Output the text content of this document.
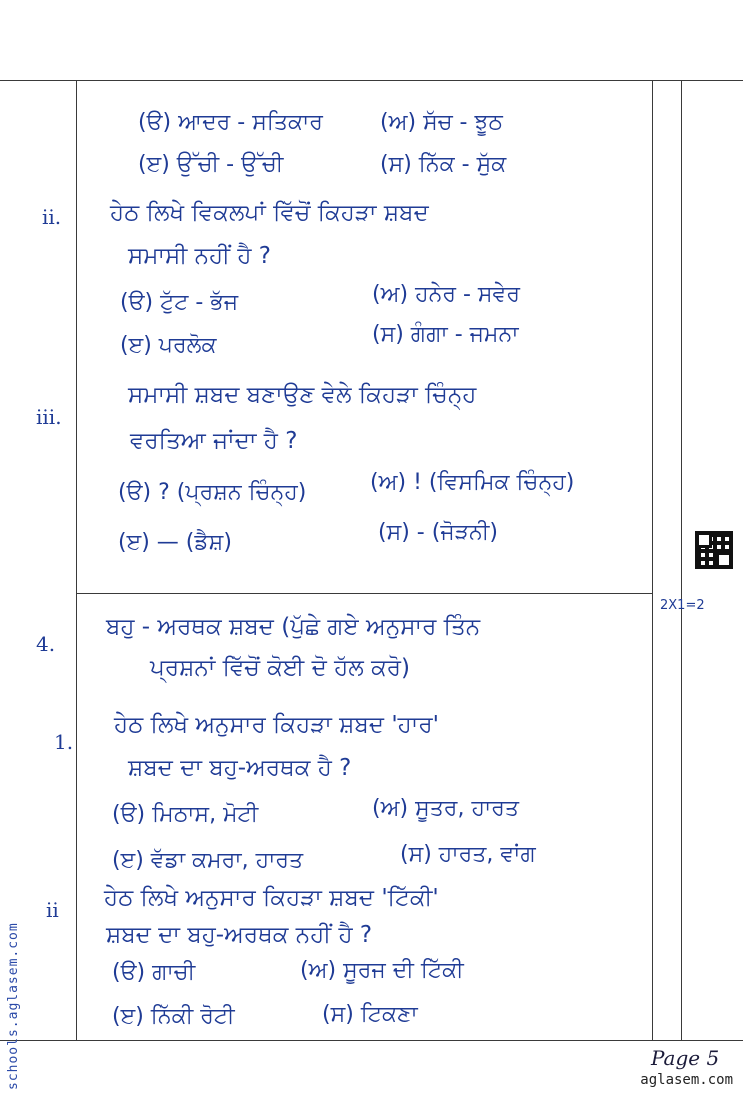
(ੳ) ਆਦਰ - ਸਤਿਕਾਰ	(ਅ) ਸੱਚ - ਝੂਠ
(ੲ) ਉੱਚੀ - ਉੱਚੀ	(ਸ) ਨਿੱਕ - ਸੁੱਕ
ii. ਹੇਠ ਲਿਖੇ ਵਿਕਲਪਾਂ ਵਿੱਚੋਂ ਕਿਹੜਾ ਸ਼ਬਦ
ਸਮਾਸੀ ਨਹੀਂ ਹੈ ?
(ੳ) ਟੁੱਟ - ਭੱਜ	(ਅ) ਹਨੇਰ - ਸਵੇਰ
(ੲ) ਪਰਲੋਕ	(ਸ) ਗੰਗਾ - ਜਮਨਾ
iii.
ਸਮਾਸੀ ਸ਼ਬਦ ਬਣਾਉਣ ਵੇਲੇ ਕਿਹੜਾ ਚਿੰਨ੍ਹ
ਵਰਤਿਆ ਜਾਂਦਾ ਹੈ ?
(ੳ) ? (ਪ੍ਰਸ਼ਨ ਚਿੰਨ੍ਹ)	(ਅ) ! (ਵਿਸਮਿਕ ਚਿੰਨ੍ਹ)
(ੲ) — (ਡੈਸ਼)	(ਸ) - (ਜੋੜਨੀ)
2X1=2
4.
ਬਹੁ - ਅਰਥਕ ਸ਼ਬਦ (ਪੁੱਛੇ ਗਏ ਅਨੁਸਾਰ ਤਿੰਨ
ਪ੍ਰਸ਼ਨਾਂ ਵਿੱਚੋਂ ਕੋਈ ਦੋ ਹੱਲ ਕਰੋ)
1.
ਹੇਠ ਲਿਖੇ ਅਨੁਸਾਰ ਕਿਹੜਾ ਸ਼ਬਦ 'ਹਾਰ'
ਸ਼ਬਦ ਦਾ ਬਹੁ-ਅਰਥਕ ਹੈ ?
(ੳ) ਮਿਠਾਸ, ਮੋਟੀ	(ਅ) ਸੂਤਰ, ਹਾਰਤ
(ੲ) ਵੱਡਾ ਕਮਰਾ, ਹਾਰਤ	(ਸ) ਹਾਰਤ, ਵਾਂਗ
ii ਹੇਠ ਲਿਖੇ ਅਨੁਸਾਰ ਕਿਹੜਾ ਸ਼ਬਦ 'ਟਿੱਕੀ'
ਸ਼ਬਦ ਦਾ ਬਹੁ-ਅਰਥਕ ਨਹੀਂ ਹੈ ?
(ੳ) ਗਾਚੀ	(ਅ) ਸੂਰਜ ਦੀ ਟਿੱਕੀ
(ੲ) ਨਿੱਕੀ ਰੋਟੀ	(ਸ) ਟਿਕਣਾ
Page 5
aglasem.com
schools.aglasem.com
